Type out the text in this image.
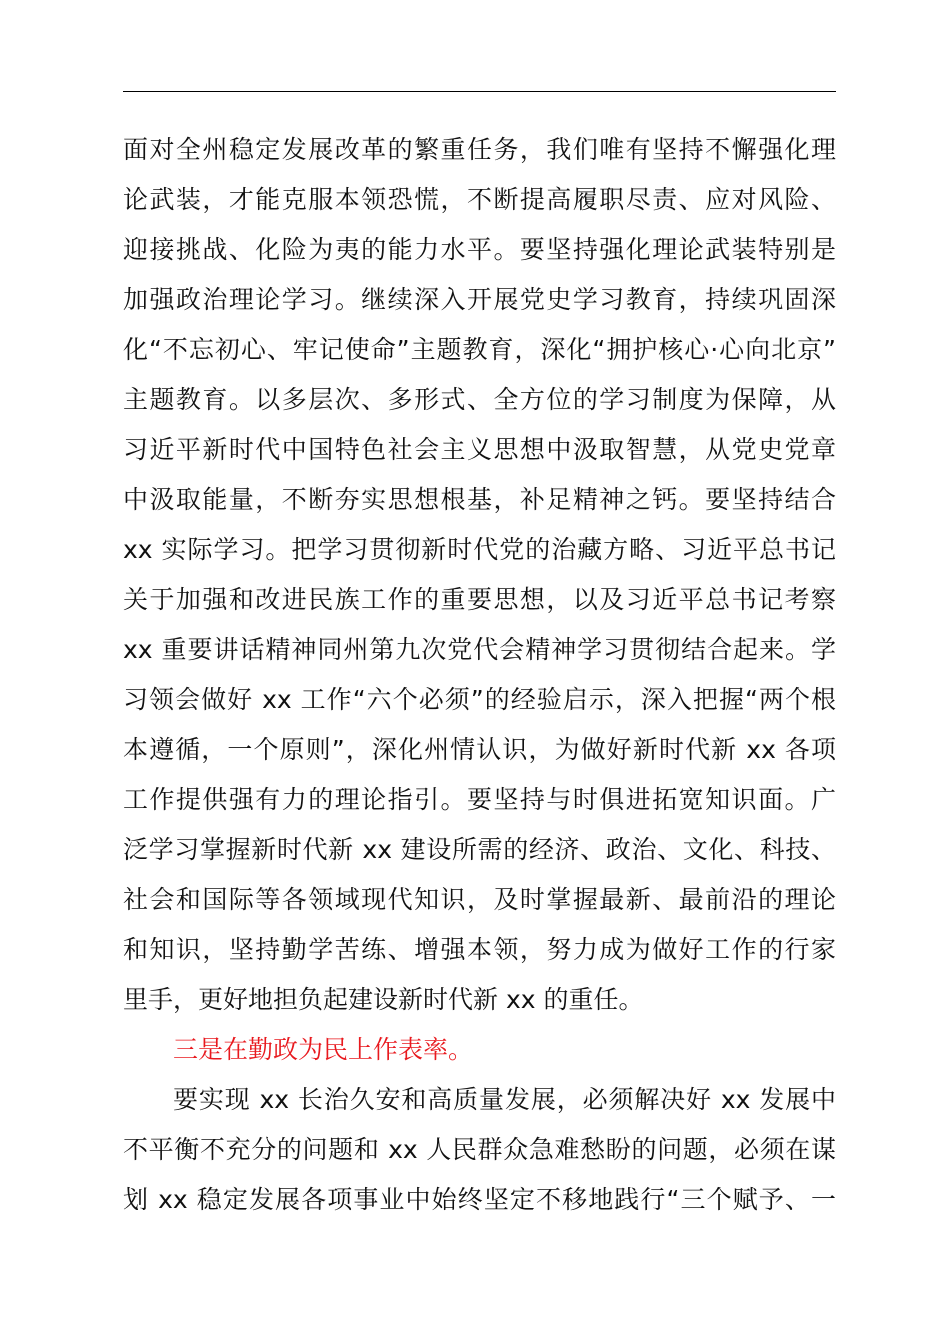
面对全州稳定发展改革的繁重任务，我们唯有坚持不懈强化理
论武装，才能克服本领恐慌，不断提高履职尽责、应对风险、
迎接挑战、化险为夷的能力水平。要坚持强化理论武装特别是
加强政治理论学习。继续深入开展党史学习教育，持续巩固深
化“不忘初心、牢记使命”主题教育，深化“拥护核心·心向北京”
主题教育。以多层次、多形式、全方位的学习制度为保障，从
习近平新时代中国特色社会主义思想中汲取智慧，从党史党章
中汲取能量，不断夯实思想根基，补足精神之钙。要坚持结合
xx 实际学习。把学习贯彻新时代党的治藏方略、习近平总书记
关于加强和改进民族工作的重要思想，以及习近平总书记考察
xx 重要讲话精神同州第九次党代会精神学习贯彻结合起来。学
习领会做好 xx 工作“六个必须”的经验启示，深入把握“两个根
本遵循，一个原则”，深化州情认识，为做好新时代新 xx 各项
工作提供强有力的理论指引。要坚持与时俱进拓宽知识面。广
泛学习掌握新时代新 xx 建设所需的经济、政治、文化、科技、
社会和国际等各领域现代知识，及时掌握最新、最前沿的理论
和知识，坚持勤学苦练、增强本领，努力成为做好工作的行家
里手，更好地担负起建设新时代新 xx 的重任。
三是在勤政为民上作表率。
要实现 xx 长治久安和高质量发展，必须解决好 xx 发展中
不平衡不充分的问题和 xx 人民群众急难愁盼的问题，必须在谋
划 xx 稳定发展各项事业中始终坚定不移地践行“三个赋予、一
